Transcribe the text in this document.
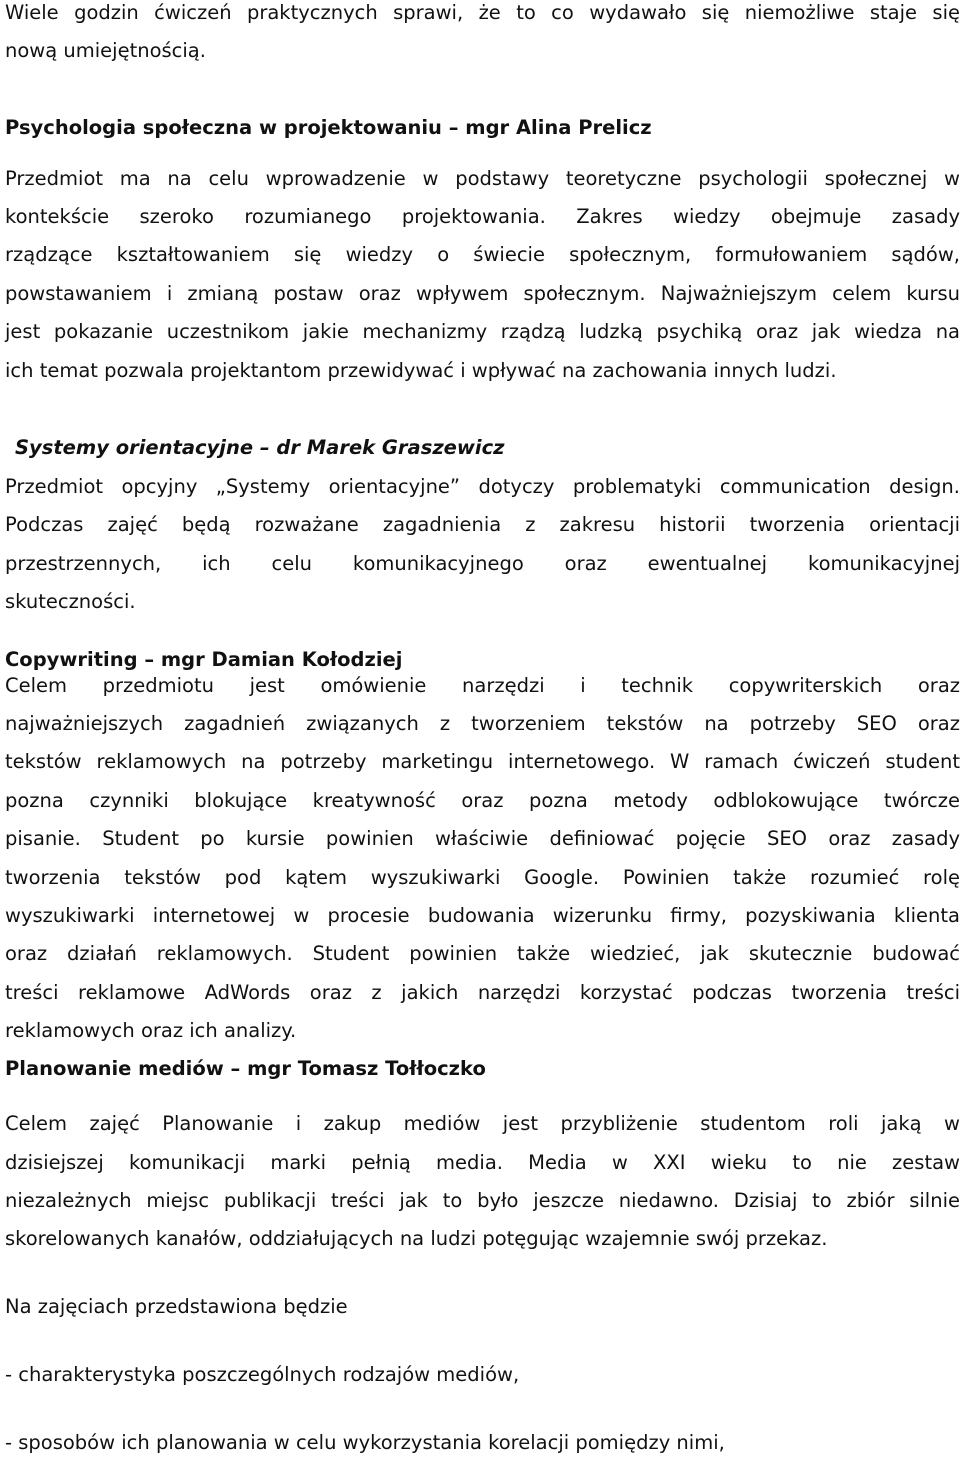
Wiele godzin ćwiczeń praktycznych sprawi, że to co wydawało się niemożliwe staje się
nową umiejętnością.
Psychologia społeczna w projektowaniu – mgr Alina Prelicz
Przedmiot ma na celu wprowadzenie w podstawy teoretyczne psychologii społecznej w
kontekście szeroko rozumianego projektowania. Zakres wiedzy obejmuje zasady
rządzące kształtowaniem się wiedzy o świecie społecznym, formułowaniem sądów,
powstawaniem i zmianą postaw oraz wpływem społecznym. Najważniejszym celem kursu
jest pokazanie uczestnikom jakie mechanizmy rządzą ludzką psychiką oraz jak wiedza na
ich temat pozwala projektantom przewidywać i wpływać na zachowania innych ludzi.
Systemy orientacyjne – dr Marek Graszewicz
Przedmiot opcyjny „Systemy orientacyjne” dotyczy problematyki communication design.
Podczas zajęć będą rozważane zagadnienia z zakresu historii tworzenia orientacji
przestrzennych, ich celu komunikacyjnego oraz ewentualnej komunikacyjnej
skuteczności.
Copywriting – mgr Damian Kołodziej
Celem przedmiotu jest omówienie narzędzi i technik copywriterskich oraz
najważniejszych zagadnień związanych z tworzeniem tekstów na potrzeby SEO oraz
tekstów reklamowych na potrzeby marketingu internetowego. W ramach ćwiczeń student
pozna czynniki blokujące kreatywność oraz pozna metody odblokowujące twórcze
pisanie. Student po kursie powinien właściwie definiować pojęcie SEO oraz zasady
tworzenia tekstów pod kątem wyszukiwarki Google. Powinien także rozumieć rolę
wyszukiwarki internetowej w procesie budowania wizerunku firmy, pozyskiwania klienta
oraz działań reklamowych. Student powinien także wiedzieć, jak skutecznie budować
treści reklamowe AdWords oraz z jakich narzędzi korzystać podczas tworzenia treści
reklamowych oraz ich analizy.
Planowanie mediów – mgr Tomasz Tołłoczko
Celem zajęć Planowanie i zakup mediów jest przybliżenie studentom roli jaką w
dzisiejszej komunikacji marki pełnią media. Media w XXI wieku to nie zestaw
niezależnych miejsc publikacji treści jak to było jeszcze niedawno. Dzisiaj to zbiór silnie
skorelowanych kanałów, oddziałujących na ludzi potęgując wzajemnie swój przekaz.
Na zajęciach przedstawiona będzie
- charakterystyka poszczególnych rodzajów mediów,
- sposobów ich planowania w celu wykorzystania korelacji pomiędzy nimi,
